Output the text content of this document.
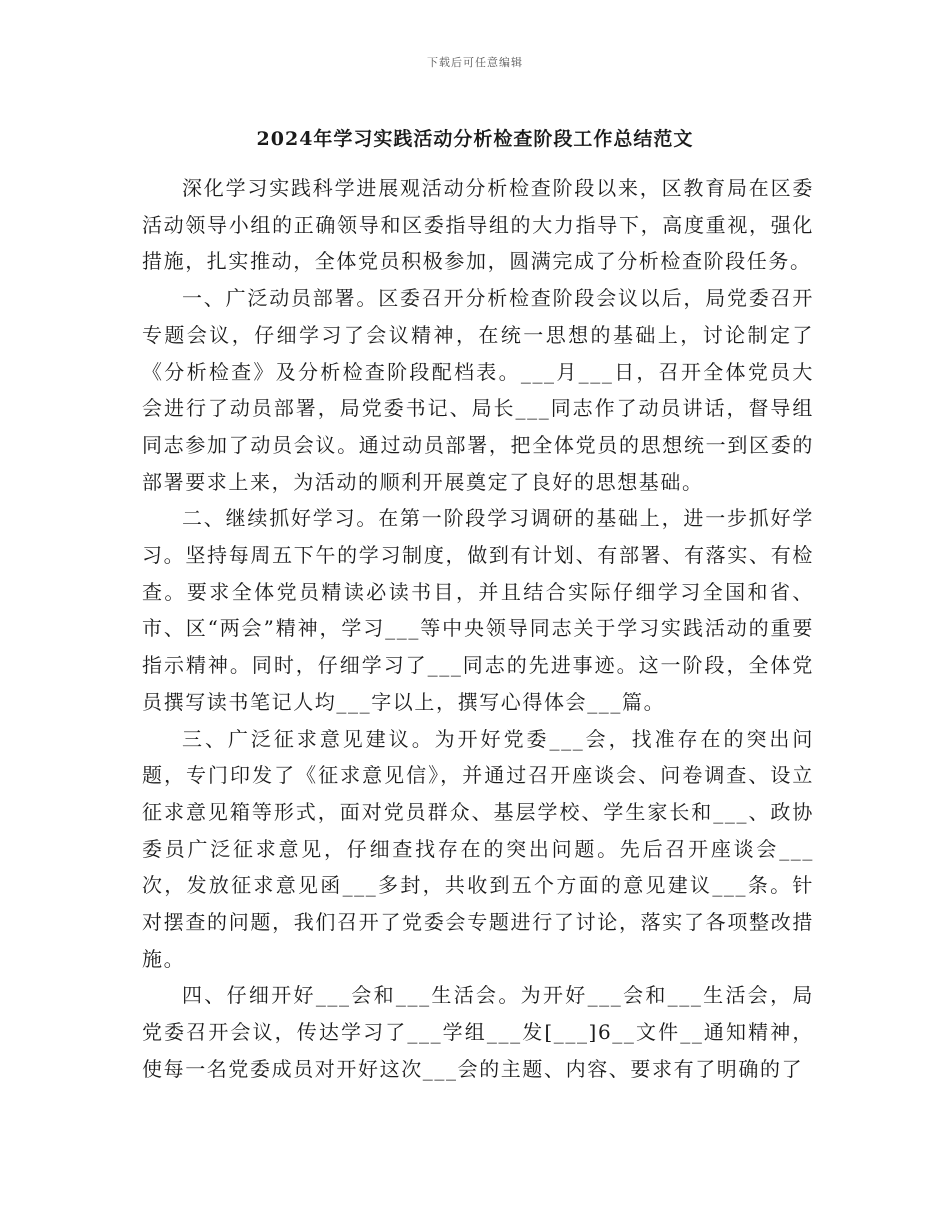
下载后可任意编辑
2024年学习实践活动分析检查阶段工作总结范文

深化学习实践科学进展观活动分析检查阶段以来，区教育局在区委活动领导小组的正确领导和区委指导组的大力指导下，高度重视，强化措施，扎实推动，全体党员积极参加，圆满完成了分析检查阶段任务。

一、广泛动员部署。区委召开分析检查阶段会议以后，局党委召开专题会议，仔细学习了会议精神，在统一思想的基础上，讨论制定了《分析检查》及分析检查阶段配档表。___月___日，召开全体党员大会进行了动员部署，局党委书记、局长___同志作了动员讲话，督导组同志参加了动员会议。通过动员部署，把全体党员的思想统一到区委的部署要求上来，为活动的顺利开展奠定了良好的思想基础。

二、继续抓好学习。在第一阶段学习调研的基础上，进一步抓好学习。坚持每周五下午的学习制度，做到有计划、有部署、有落实、有检查。要求全体党员精读必读书目，并且结合实际仔细学习全国和省、市、区“两会”精神，学习___等中央领导同志关于学习实践活动的重要指示精神。同时，仔细学习了___同志的先进事迹。这一阶段，全体党员撰写读书笔记人均___字以上，撰写心得体会___篇。

三、广泛征求意见建议。为开好党委___会，找准存在的突出问题，专门印发了《征求意见信》，并通过召开座谈会、问卷调查、设立征求意见箱等形式，面对党员群众、基层学校、学生家长和___、政协委员广泛征求意见，仔细查找存在的突出问题。先后召开座谈会___次，发放征求意见函___多封，共收到五个方面的意见建议___条。针对摆查的问题，我们召开了党委会专题进行了讨论，落实了各项整改措施。

四、仔细开好___会和___生活会。为开好___会和___生活会，局党委召开会议，传达学习了___学组___发[___]6__文件__通知精神，使每一名党委成员对开好这次___会的主题、内容、要求有了明确的了
